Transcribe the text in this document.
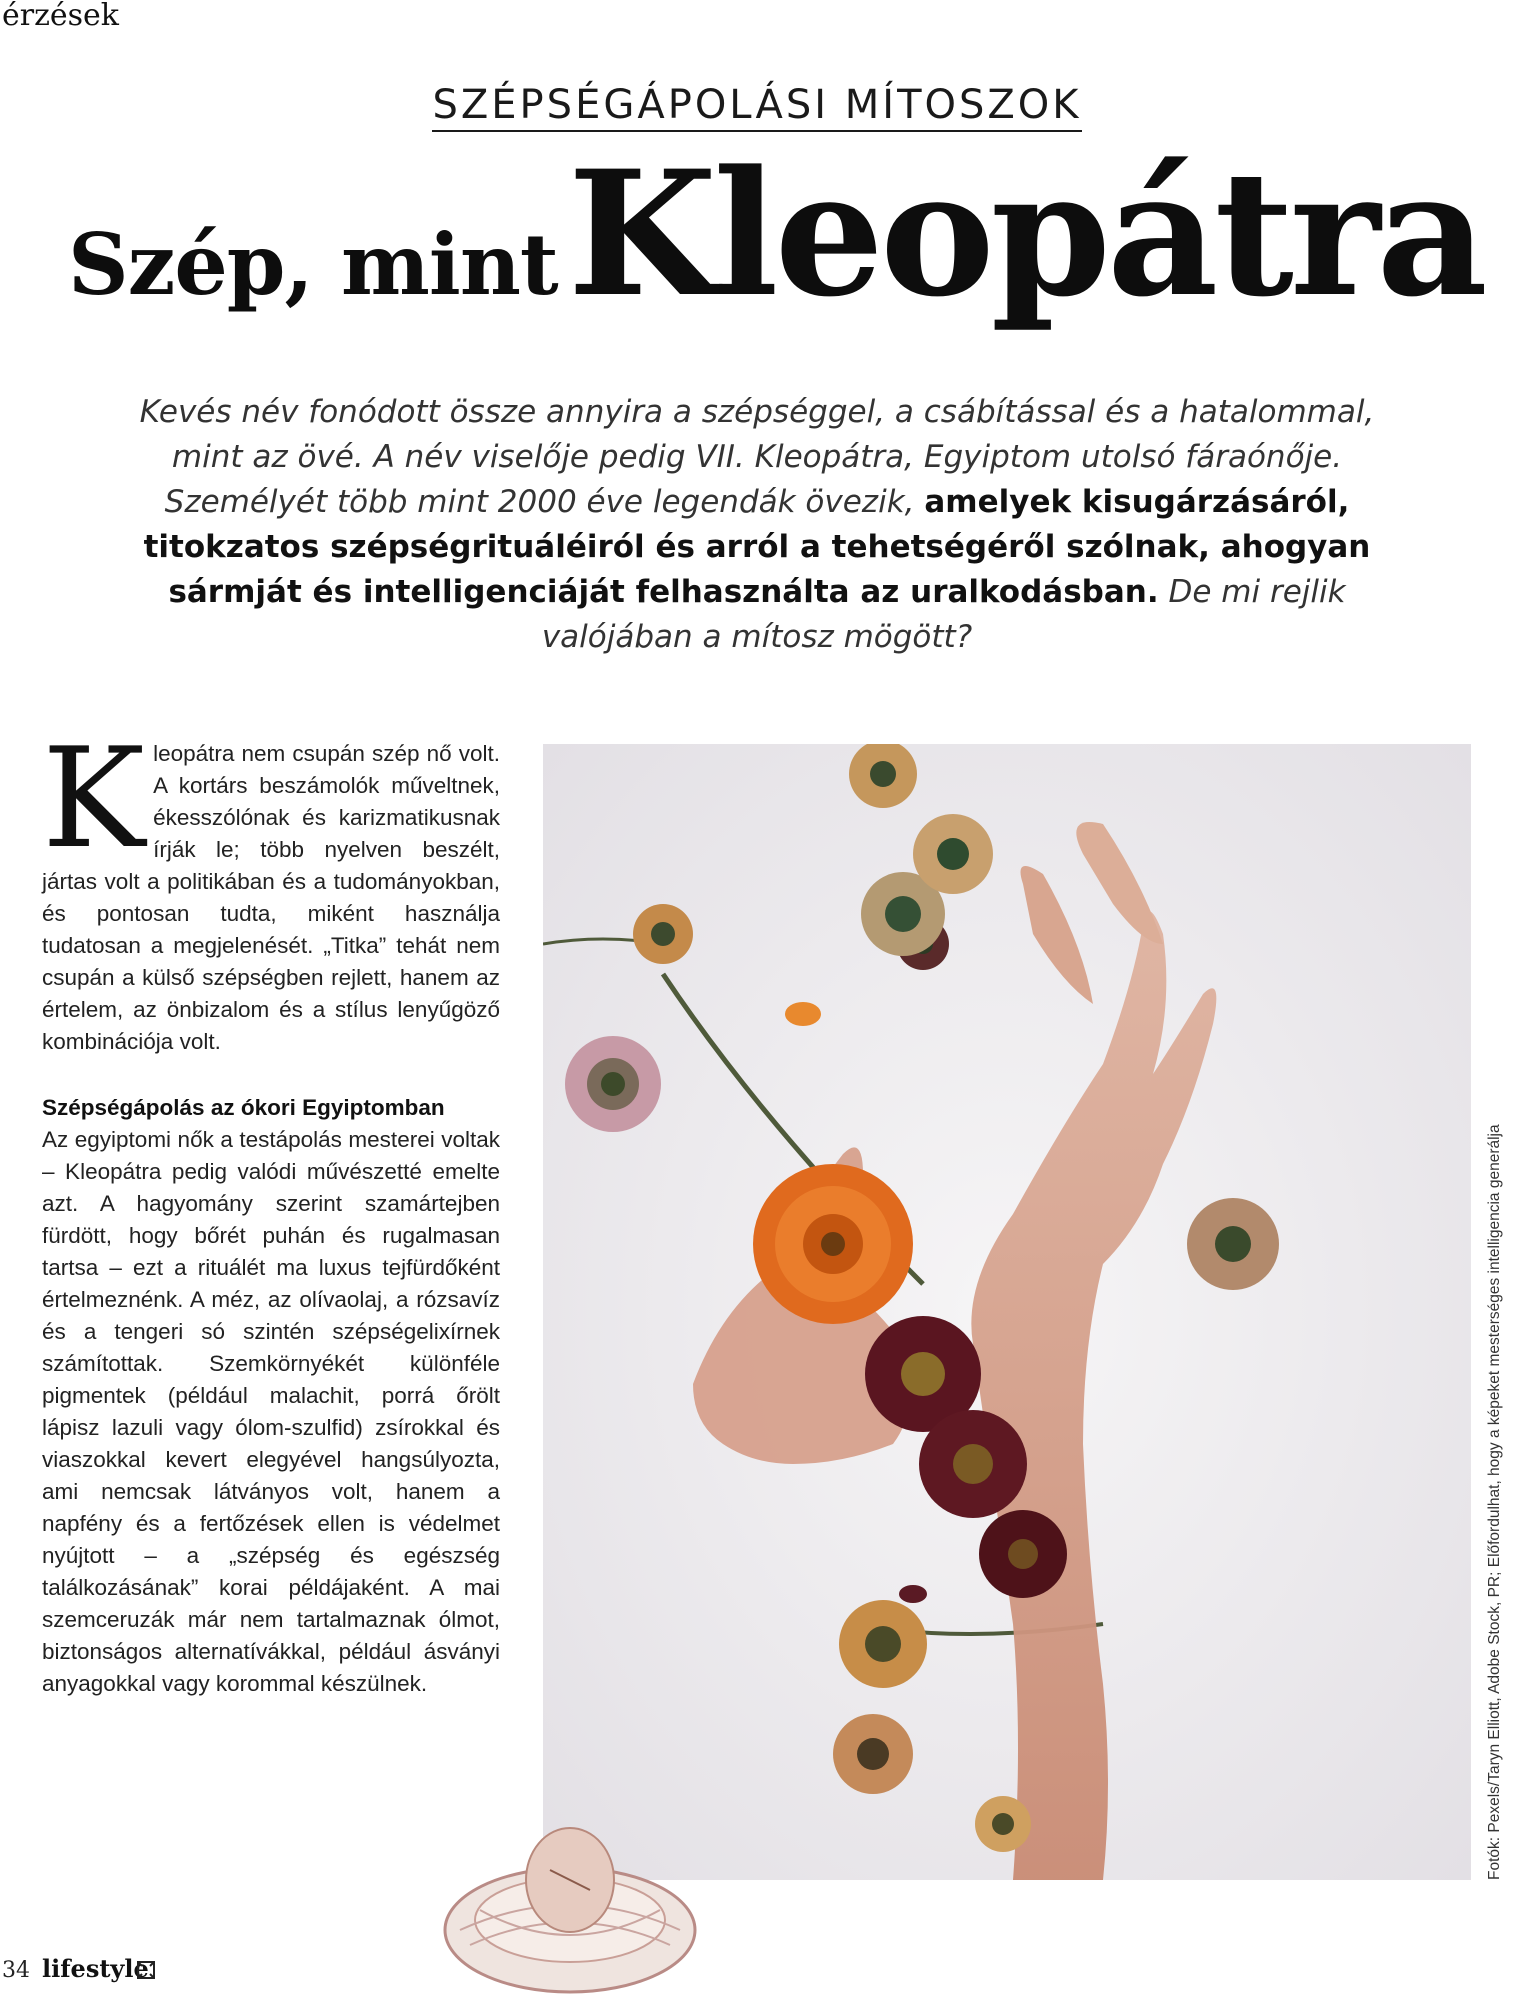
érzések
SZÉPSÉGÁPOLÁSI MÍTOSZOK
Szép, mintKleopátra
Kevés név fonódott össze annyira a szépséggel, a csábítással és a hatalommal, mint az övé. A név viselője pedig VII. Kleopátra, Egyiptom utolsó fáraónője. Személyét több mint 2000 éve legendák övezik, amelyek kisugárzásáról, titokzatos szépségrituáléiról és arról a tehetségéről szólnak, ahogyan sármját és intelligenciáját felhasználta az uralkodásban. De mi rejlik valójában a mítosz mögött?
K leopátra nem csupán szép nő volt. A kortárs beszámolók műveltnek, ékesszólónak és karizmatikusnak írják le; több nyelven beszélt, jártas volt a politikában és a tudományokban, és pontosan tudta, miként használja tudatosan a megjelenését. „Titka” tehát nem csupán a külső szépségben rejlett, hanem az értelem, az önbizalom és a stílus lenyűgöző kombinációja volt.
Szépségápolás az ókori Egyiptomban
Az egyiptomi nők a testápolás mesterei voltak – Kleopátra pedig valódi művészetté emelte azt. A hagyomány szerint szamártejben fürdött, hogy bőrét puhán és rugalmasan tartsa – ezt a rituálét ma luxus tejfürdőként értelmeznénk. A méz, az olívaolaj, a rózsavíz és a tengeri só szintén szépségelixírnek számítottak. Szemkörnyékét különféle pigmentek (például malachit, porrá őrölt lápisz lazuli vagy ólom-szulfid) zsírokkal és viaszokkal kevert elegyével hangsúlyozta, ami nemcsak látványos volt, hanem a napfény és a fertőzések ellen is védelmet nyújtott – a „szépség és egészség találkozásának” korai példájaként. A mai szemceruzák már nem tartalmaznak ólmot, biztonságos alternatívákkal, például ásványi anyagokkal vagy korommal készülnek.	Fotók: Pexels/Taryn Elliott, Adobe Stock, PR; Előfordulhat, hogy a képeket mesterséges intelligencia generálja
34 lifestyle
